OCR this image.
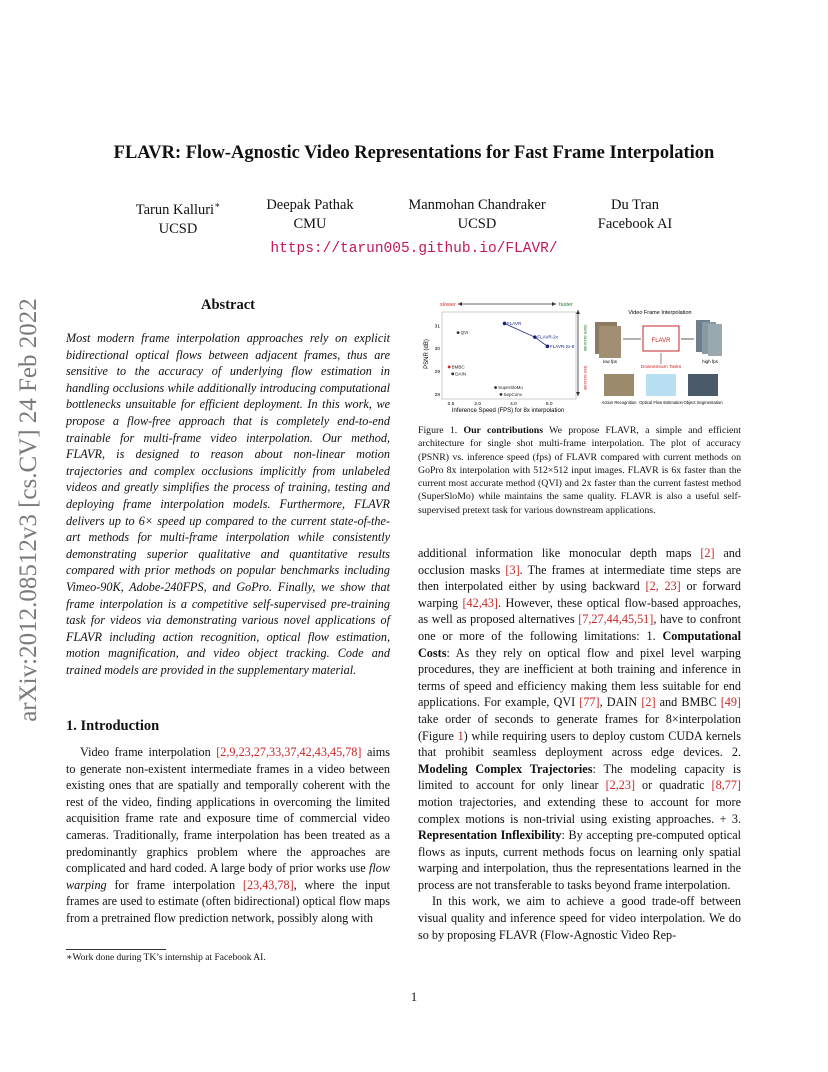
FLAVR: Flow-Agnostic Video Representations for Fast Frame Interpolation
Tarun Kalluri∗
UCSD
Deepak Pathak
CMU
Manmohan Chandraker
UCSD
Du Tran
Facebook AI
https://tarun005.github.io/FLAVR/
arXiv:2012.08512v3 [cs.CV] 24 Feb 2022	Abstract
Most modern frame interpolation approaches rely on explicit bidirectional optical flows between adjacent frames, thus are sensitive to the accuracy of underlying flow estimation in handling occlusions while additionally introducing computational bottlenecks unsuitable for efficient deployment. In this work, we propose a flow-free approach that is completely end-to-end trainable for multi-frame video interpolation. Our method, FLAVR, is designed to reason about non-linear motion trajectories and complex occlusions implicitly from unlabeled videos and greatly simplifies the process of training, testing and deploying frame interpolation models. Furthermore, FLAVR delivers up to 6× speed up compared to the current state-of-the-art methods for multi-frame interpolation while consistently demonstrating superior qualitative and quantitative results compared with prior methods on popular benchmarks including Vimeo-90K, Adobe-240FPS, and GoPro. Finally, we show that frame interpolation is a competitive self-supervised pre-training task for videos via demonstrating various novel applications of FLAVR including action recognition, optical flow estimation, motion magnification, and video object tracking. Code and trained models are provided in the supplementary material.
1. Introduction

Video frame interpolation [2,9,23,27,33,37,42,43,45,78] aims to generate non-existent intermediate frames in a video between existing ones that are spatially and temporally coherent with the rest of the video, finding applications in overcoming the limited acquisition frame rate and exposure time of commercial video cameras. Traditionally, frame interpolation has been treated as a predominantly graphics problem where the approaches are complicated and hard coded. A large body of prior works use flow warping for frame interpolation [23,43,78], where the input frames are used to estimate (often bidirectional) optical flow maps from a pretrained flow prediction network, possibly along with

∗Work done during TK’s internship at Facebook AI.
slower	faster
more accurate
less accurate
PSNR (dB)
Inference Speed (FPS) for 8x interpolation
FLAVR
FLAVR-2x
FLAVR-2x-8
QVI
BMBC
DAIN
SuperSloMo
SepConv
0.5	2.0	4.0	6.0
28
29
30
31
Video Frame Interpolation
low fps
FLAVR
high fps
Downstream Tasks
Action Recognition Optical Flow Estimation Object Segmentation
Figure 1. Our contributions We propose FLAVR, a simple and efficient architecture for single shot multi-frame interpolation. The plot of accuracy (PSNR) vs. inference speed (fps) of FLAVR compared with current methods on GoPro 8x interpolation with 512×512 input images. FLAVR is 6x faster than the current most accurate method (QVI) and 2x faster than the current fastest method (SuperSloMo) while maintains the same quality. FLAVR is also a useful self-supervised pretext task for various downstream applications.

additional information like monocular depth maps [2] and occlusion masks [3]. The frames at intermediate time steps are then interpolated either by using backward [2, 23] or forward warping [42,43]. However, these optical flow-based approaches, as well as proposed alternatives [7,27,44,45,51], have to confront one or more of the following limitations: 1. Computational Costs: As they rely on optical flow and pixel level warping procedures, they are inefficient at both training and inference in terms of speed and efficiency making them less suitable for end applications. For example, QVI [77], DAIN [2] and BMBC [49] take order of seconds to generate frames for 8×interpolation (Figure 1) while requiring users to deploy custom CUDA kernels that prohibit seamless deployment across edge devices. 2. Modeling Complex Trajectories: The modeling capacity is limited to account for only linear [2,23] or quadratic [8,77] motion trajectories, and extending these to account for more complex motions is non-trivial using existing approaches. + 3. Representation Inflexibility: By accepting pre-computed optical flows as inputs, current methods focus on learning only spatial warping and interpolation, thus the representations learned in the process are not transferable to tasks beyond frame interpolation.

In this work, we aim to achieve a good trade-off between visual quality and inference speed for video interpolation. We do so by proposing FLAVR (Flow-Agnostic Video Rep-

1
